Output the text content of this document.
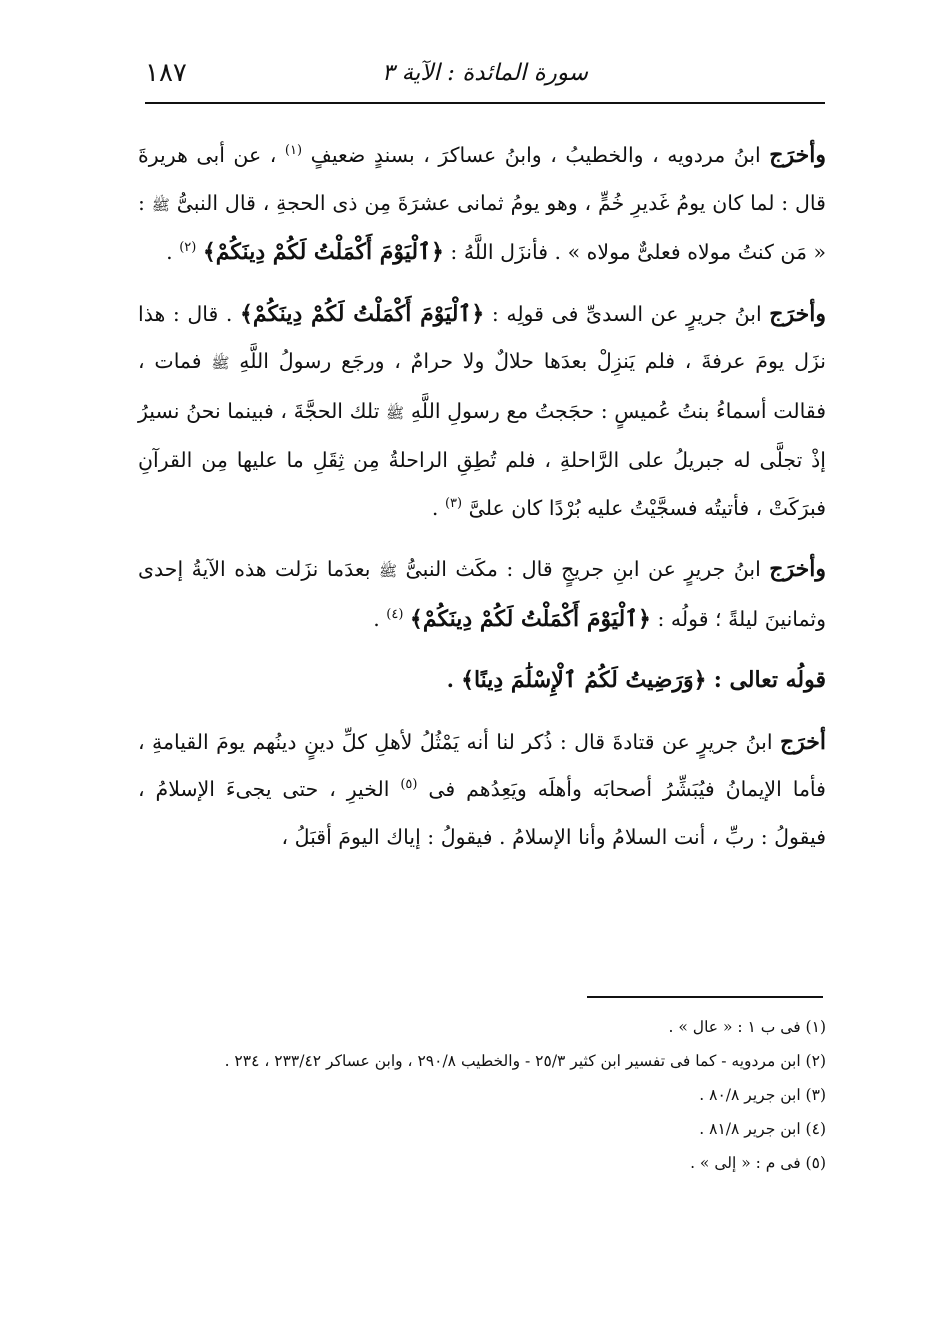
١٨٧	سورة المائدة : الآية ٣

وأخرَج ابنُ مردويه ، والخطيبُ ، وابنُ عساكرَ ، بسندٍ ضعيفٍ $^{(١)}$ ، عن أبى هريرةَ قال : لما كان يومُ غَديرِ خُمٍّ ، وهو يومُ ثمانى عشرَةَ مِن ذى الحجةِ ، قال النبىُّ ﷺ : « مَن كنتُ مولاه فعلىٌّ مولاه » . فأنزَل اللَّهُ : ﴿ٱلْيَوْمَ أَكْمَلْتُ لَكُمْ دِينَكُمْ﴾ $^{(٢)}$ .

وأخرَج ابنُ جريرٍ عن السدىِّ فى قولِه : ﴿ٱلْيَوْمَ أَكْمَلْتُ لَكُمْ دِينَكُمْ﴾ . قال : هذا نزَل يومَ عرفةَ ، فلم يَنزِلْ بعدَها حلالٌ ولا حرامٌ ، ورجَع رسولُ اللَّهِ ﷺ فمات ، فقالت أسماءُ بنتُ عُميسٍ : حجَجتُ مع رسولِ اللَّهِ ﷺ تلك الحجَّةَ ، فبينما نحنُ نسيرُ إذْ تجلَّى له جبريلُ على الرَّاحلةِ ، فلم تُطِقِ الراحلةُ مِن ثِقَلِ ما عليها مِن القرآنِ فبرَكَتْ ، فأتيتُه فسجَّيْتُ عليه بُرْدًا كان علىَّ $^{(٣)}$ .

وأخرَج ابنُ جريرٍ عن ابنِ جريجٍ قال : مكَث النبىُّ ﷺ بعدَما نزَلت هذه الآيةُ إحدى وثمانينَ ليلةً ؛ قولُه : ﴿ٱلْيَوْمَ أَكْمَلْتُ لَكُمْ دِينَكُمْ﴾ $^{(٤)}$ .

قولُه تعالى : ﴿وَرَضِيتُ لَكُمُ ٱلْإِسْلَٰمَ دِينًا﴾ .

أخرَج ابنُ جريرٍ عن قتادةَ قال : ذُكر لنا أنه يَمْثُلُ لأهلِ كلِّ دينٍ دينُهم يومَ القيامةِ ، فأما الإيمانُ فيُبَشِّرُ أصحابَه وأهلَه ويَعِدُهم فى $^{(٥)}$ الخيرِ ، حتى يجىءَ الإسلامُ ، فيقولُ : ربِّ ، أنت السلامُ وأنا الإسلامُ . فيقولُ : إياك اليومَ أقبَلُ ،

(١) فى ب ١ : « عال » .

(٢) ابن مردويه - كما فى تفسير ابن كثير ٢٥/٣ - والخطيب ٢٩٠/٨ ، وابن عساكر ٢٣٣/٤٢ ، ٢٣٤ .

(٣) ابن جرير ٨٠/٨ .

(٤) ابن جرير ٨١/٨ .

(٥) فى م : « إلى » .
